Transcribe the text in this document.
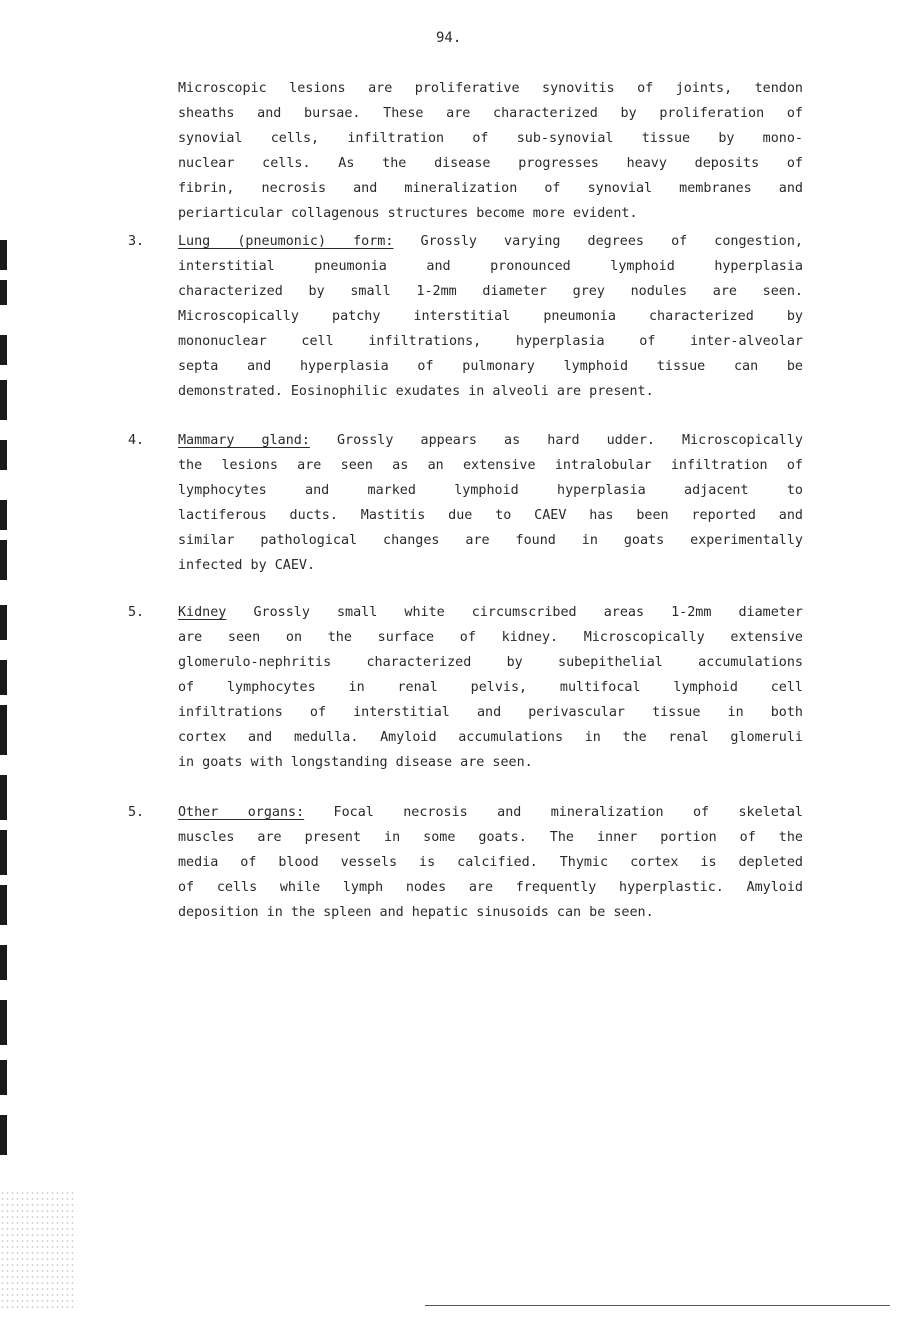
94.
Microscopic lesions are proliferative synovitis of joints, tendon
sheaths and bursae. These are characterized by proliferation of
synovial cells, infiltration of sub-synovial tissue by mono-
nuclear cells. As the disease progresses heavy deposits of
fibrin, necrosis and mineralization of synovial membranes and
periarticular collagenous structures become more evident.
3.	Lung (pneumonic) form: Grossly varying degrees of congestion,
interstitial pneumonia and pronounced lymphoid hyperplasia
characterized by small 1-2mm diameter grey nodules are seen.
Microscopically patchy interstitial pneumonia characterized by
mononuclear cell infiltrations, hyperplasia of inter-alveolar
septa and hyperplasia of pulmonary lymphoid tissue can be
demonstrated. Eosinophilic exudates in alveoli are present.
4.	Mammary gland: Grossly appears as hard udder. Microscopically
the lesions are seen as an extensive intralobular infiltration of
lymphocytes and marked lymphoid hyperplasia adjacent to
lactiferous ducts. Mastitis due to CAEV has been reported and
similar pathological changes are found in goats experimentally
infected by CAEV.
5.	Kidney Grossly small white circumscribed areas 1-2mm diameter
are seen on the surface of kidney. Microscopically extensive
glomerulo-nephritis characterized by subepithelial accumulations
of lymphocytes in renal pelvis, multifocal lymphoid cell
infiltrations of interstitial and perivascular tissue in both
cortex and medulla. Amyloid accumulations in the renal glomeruli
in goats with longstanding disease are seen.
5.	Other organs: Focal necrosis and mineralization of skeletal
muscles are present in some goats. The inner portion of the
media of blood vessels is calcified. Thymic cortex is depleted
of cells while lymph nodes are frequently hyperplastic. Amyloid
deposition in the spleen and hepatic sinusoids can be seen.
